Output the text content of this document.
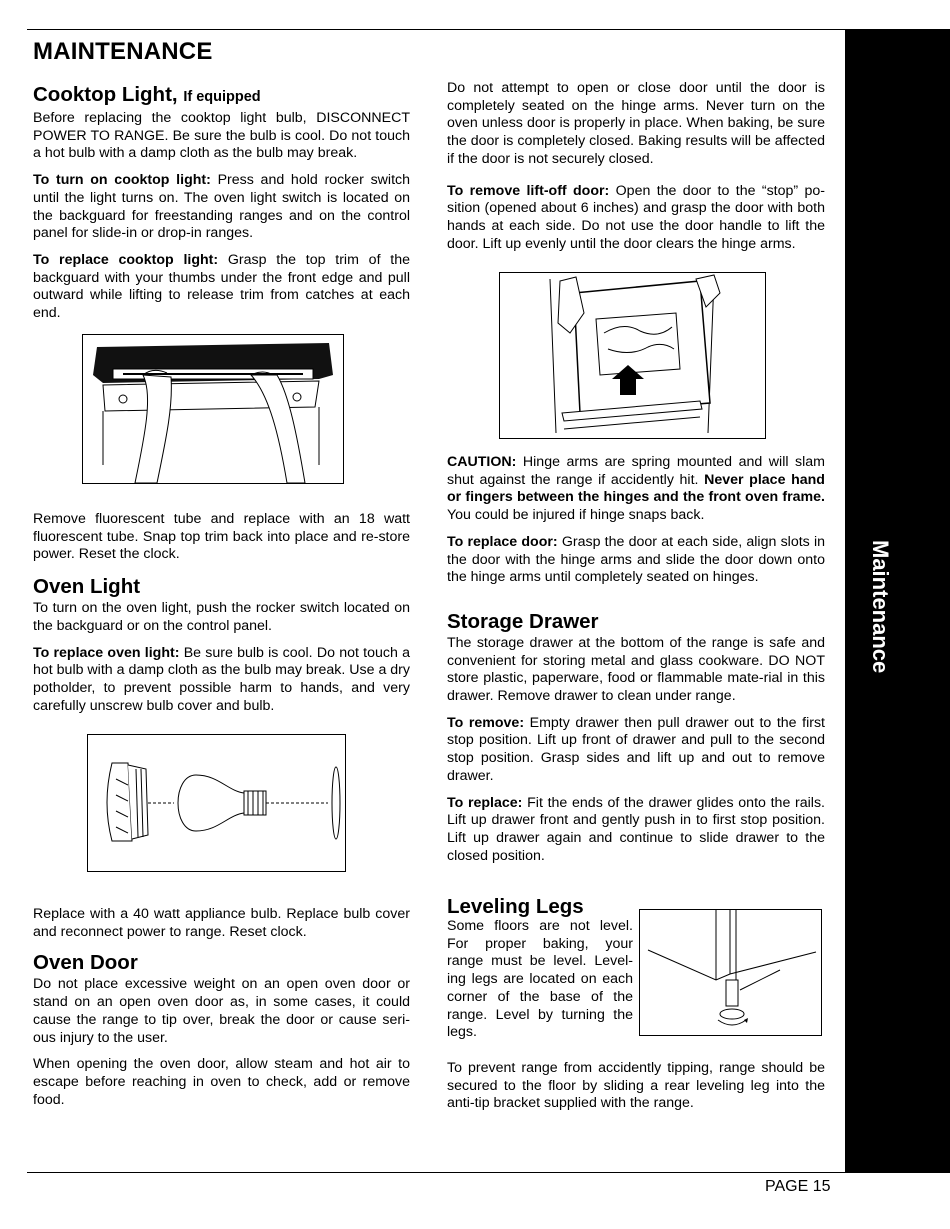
Maintenance
MAINTENANCE
Cooktop Light, If equipped

Before replacing the cooktop light bulb, DISCONNECT POWER TO RANGE. Be sure the bulb is cool. Do not touch a hot bulb with a damp cloth as the bulb may break.

To turn on cooktop light: Press and hold rocker switch until the light turns on. The oven light switch is located on the backguard for freestanding ranges and on the control panel for slide-in or drop-in ranges.

To replace cooktop light: Grasp the top trim of the backguard with your thumbs under the front edge and pull outward while lifting to release trim from catches at each end.

Remove fluorescent tube and replace with an 18 watt fluorescent tube. Snap top trim back into place and re-store power. Reset the clock.

Oven Light

To turn on the oven light, push the rocker switch located on the backguard or on the control panel.

To replace oven light: Be sure bulb is cool. Do not touch a hot bulb with a damp cloth as the bulb may break. Use a dry potholder, to prevent possible harm to hands, and very carefully unscrew bulb cover and bulb.

Replace with a 40 watt appliance bulb. Replace bulb cover and reconnect power to range. Reset clock.

Oven Door

Do not place excessive weight on an open oven door or stand on an open oven door as, in some cases, it could cause the range to tip over, break the door or cause seri-ous injury to the user.

When opening the oven door, allow steam and hot air to escape before reaching in oven to check, add or remove food.

Do not attempt to open or close door until the door is completely seated on the hinge arms. Never turn on the oven unless door is properly in place. When baking, be sure the door is completely closed. Baking results will be affected if the door is not securely closed.

To remove lift-off door: Open the door to the “stop” po-sition (opened about 6 inches) and grasp the door with both hands at each side. Do not use the door handle to lift the door. Lift up evenly until the door clears the hinge arms.

CAUTION: Hinge arms are spring mounted and will slam shut against the range if accidently hit. Never place hand or fingers between the hinges and the front oven frame. You could be injured if hinge snaps back.

To replace door: Grasp the door at each side, align slots in the door with the hinge arms and slide the door down onto the hinge arms until completely seated on hinges.

Storage Drawer

The storage drawer at the bottom of the range is safe and convenient for storing metal and glass cookware. DO NOT store plastic, paperware, food or flammable mate-rial in this drawer. Remove drawer to clean under range.

To remove: Empty drawer then pull drawer out to the first stop position. Lift up front of drawer and pull to the second stop position. Grasp sides and lift up and out to remove drawer.

To replace: Fit the ends of the drawer glides onto the rails. Lift up drawer front and gently push in to first stop position. Lift up drawer again and continue to slide drawer to the closed position.

Leveling Legs

Some floors are not level. For proper baking, your range must be level. Level-ing legs are located on each corner of the base of the range. Level by turning the legs.

To prevent range from accidently tipping, range should be secured to the floor by sliding a rear leveling leg into the anti-tip bracket supplied with the range.

PAGE 15
